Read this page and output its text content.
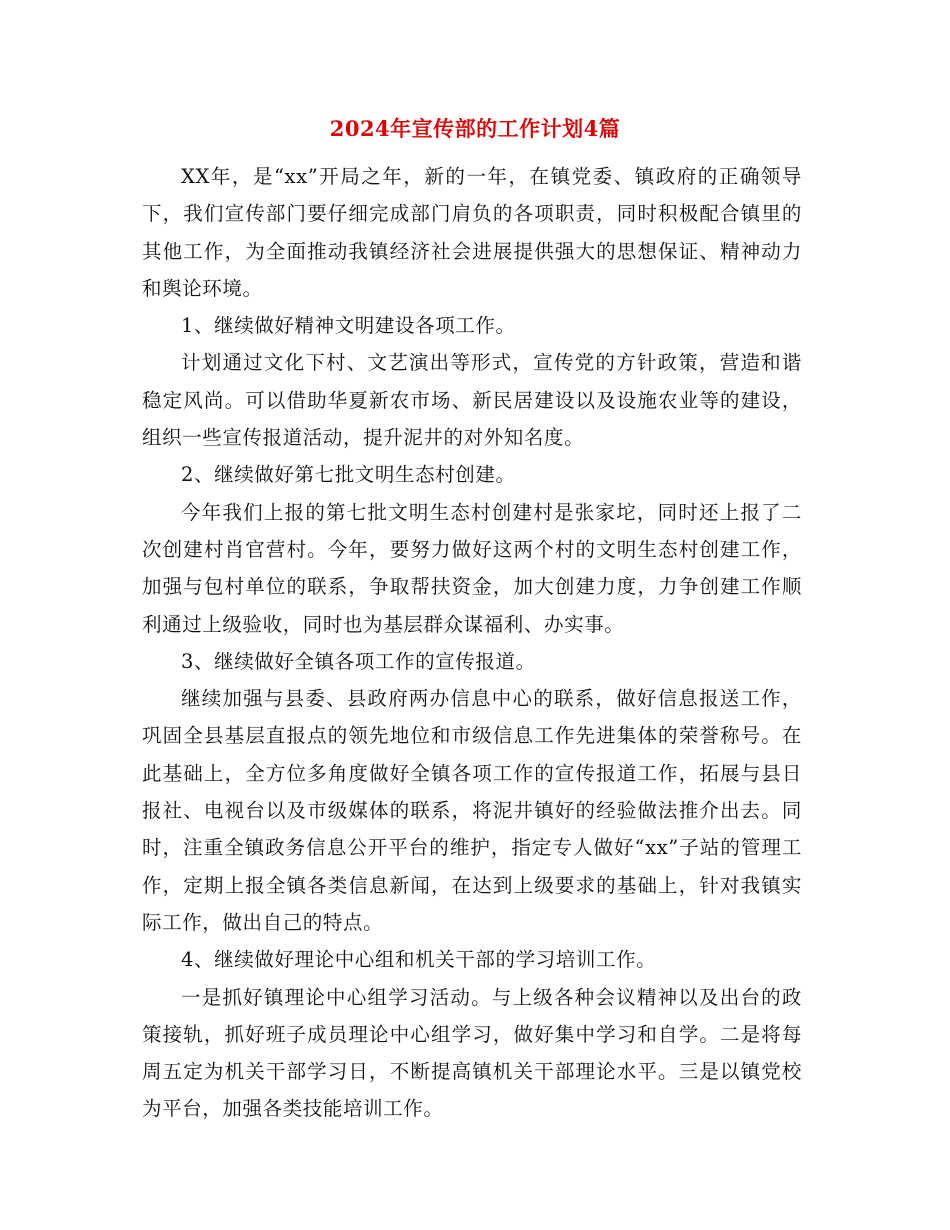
2024年宣传部的工作计划4篇

XX年，是“xx”开局之年，新的一年，在镇党委、镇政府的正确领导下，我们宣传部门要仔细完成部门肩负的各项职责，同时积极配合镇里的其他工作，为全面推动我镇经济社会进展提供强大的思想保证、精神动力和舆论环境。

1、继续做好精神文明建设各项工作。

计划通过文化下村、文艺演出等形式，宣传党的方针政策，营造和谐稳定风尚。可以借助华夏新农市场、新民居建设以及设施农业等的建设，组织一些宣传报道活动，提升泥井的对外知名度。

2、继续做好第七批文明生态村创建。

今年我们上报的第七批文明生态村创建村是张家坨，同时还上报了二次创建村肖官营村。今年，要努力做好这两个村的文明生态村创建工作，加强与包村单位的联系，争取帮扶资金，加大创建力度，力争创建工作顺利通过上级验收，同时也为基层群众谋福利、办实事。

3、继续做好全镇各项工作的宣传报道。

继续加强与县委、县政府两办信息中心的联系，做好信息报送工作，巩固全县基层直报点的领先地位和市级信息工作先进集体的荣誉称号。在此基础上，全方位多角度做好全镇各项工作的宣传报道工作，拓展与县日报社、电视台以及市级媒体的联系，将泥井镇好的经验做法推介出去。同时，注重全镇政务信息公开平台的维护，指定专人做好“xx”子站的管理工作，定期上报全镇各类信息新闻，在达到上级要求的基础上，针对我镇实际工作，做出自己的特点。

4、继续做好理论中心组和机关干部的学习培训工作。

一是抓好镇理论中心组学习活动。与上级各种会议精神以及出台的政策接轨，抓好班子成员理论中心组学习，做好集中学习和自学。二是将每周五定为机关干部学习日，不断提高镇机关干部理论水平。三是以镇党校为平台，加强各类技能培训工作。
